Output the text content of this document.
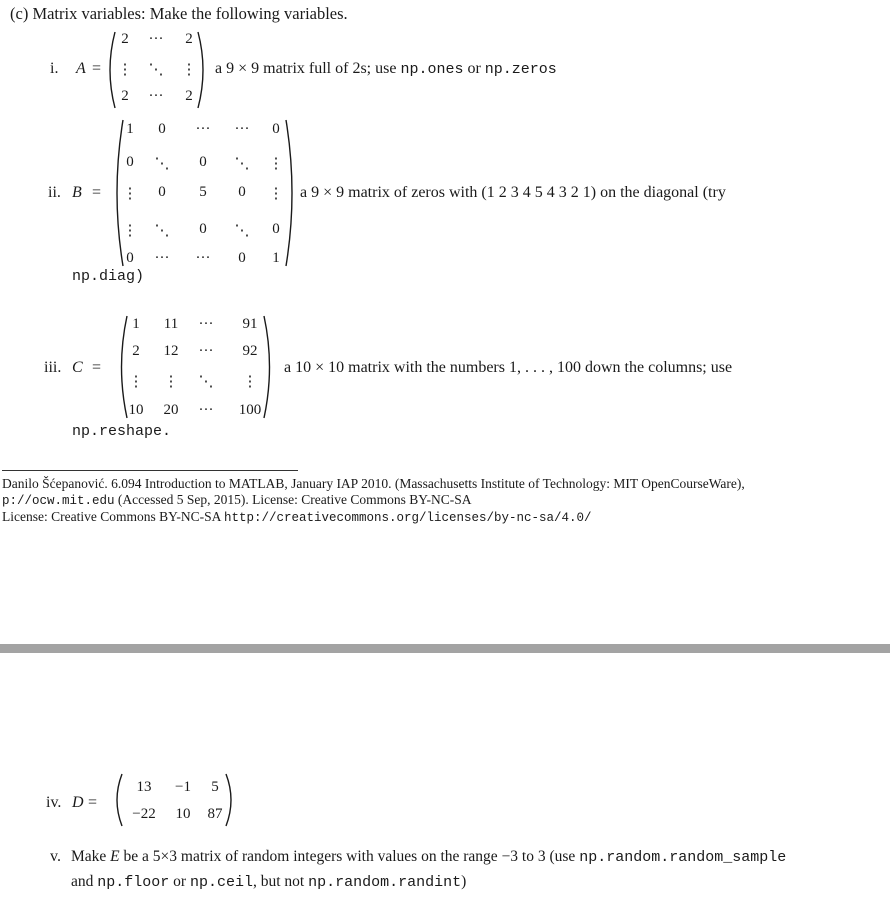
(c) Matrix variables: Make the following variables.
i. A =
2	···	2
⋮	⋱	⋮
2	···	2
a 9 × 9 matrix full of 2s; use np.ones or np.zeros
ii. B =
1	0	···	···	0
0	⋱	0	⋱	⋮
⋮	0	5	0	⋮
⋮	⋱	0	⋱	0
0	···	···	0	1
a 9 × 9 matrix of zeros with (1 2 3 4 5 4 3 2 1) on the diagonal (try
np.diag)
iii. C =
1	11	···	91
2	12	···	92
⋮	⋮	⋱	⋮
10	20	···	100
a 10 × 10 matrix with the numbers 1, . . . , 100 down the columns; use
np.reshape.
Danilo Šćepanović. 6.094 Introduction to MATLAB, January IAP 2010. (Massachusetts Institute of Technology: MIT OpenCourseWare),
p://ocw.mit.edu (Accessed 5 Sep, 2015). License: Creative Commons BY-NC-SA
License: Creative Commons BY-NC-SA http://creativecommons.org/licenses/by-nc-sa/4.0/
iv. D =
13	−1	5
−22	10	87
v. Make E be a 5×3 matrix of random integers with values on the range −3 to 3 (use np.random.random_sample
and np.floor or np.ceil, but not np.random.randint)
